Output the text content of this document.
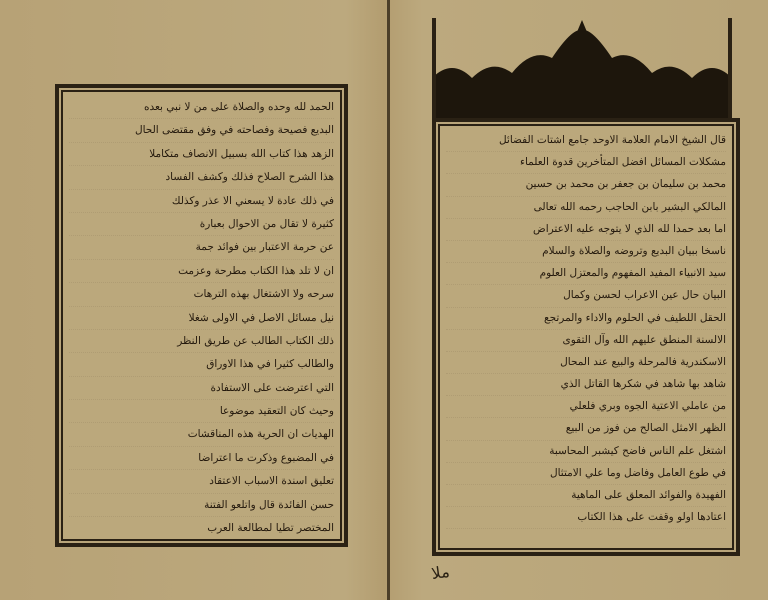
الحمد لله وحده والصلاة على من لا نبي بعده
البديع فصيحة وفصاحته في وفق مقتضى الحال
الزهد هذا كتاب الله بسبيل الانصاف متكاملا
هذا الشرح الصلاح فذلك وكشف الفساد
في ذلك عادة لا يسعني الا عذر وكذلك
كثيرة لا تقال من الاحوال بعبارة
عن حرمة الاعتبار بين فوائد جمة
ان لا تلد هذا الكتاب مطرحة وعزمت
سرحه ولا الاشتغال بهذه الترهات
نيل مسائل الاصل في الاولى شغلا
ذلك الكتاب الطالب عن طريق النظر
والطالب كثيرا في هذا الاوراق
التي اعترضت على الاستفادة
وحيث كان التعقيد موضوعا
الهديات ان الحرية هذه المناقشات
في المضبوع وذكرت ما اعتراضا
تعليق اسندة الاسباب الاعتقاد
حسن الفائدة قال واتلعو الفتنة
المختصر تطيا لمطالعة العرب
قال الشيخ الامام العلامة الاوحد جامع اشتات الفضائل
مشكلات المسائل افضل المتأخرين قدوة العلماء
محمد بن سليمان بن جعفر بن محمد بن حسين
المالكي البشير بابن الحاجب رحمه الله تعالى
اما بعد حمدا لله الذي لا يتوجه عليه الاعتراض
ناسخا ببيان البديع وتروضه والصلاة والسلام
سيد الانبياء المفيد المفهوم والمعتزل العلوم
البيان حال عين الاعراب لحسن وكمال
الحقل اللطيف في الحلوم والاداء والمرتجع
الالسنة المنطق عليهم الله وآل التقوى
الاسكندرية فالمرحلة والبيع عند المحال
شاهد بها شاهد في شكرها القاتل الذي
من عاملي الاعتية الجوه وبري فلعلي
الظهر الامثل الصالح من فوز من البيع
اشتغل علم الناس فاضح كيشبر المحاسبة
في طوع العامل وفاضل وما علي الامتثال
الفهيدة والفوائد المعلق على الماهية
اعتادها اولو وقفت على هذا الكتاب
ملا
